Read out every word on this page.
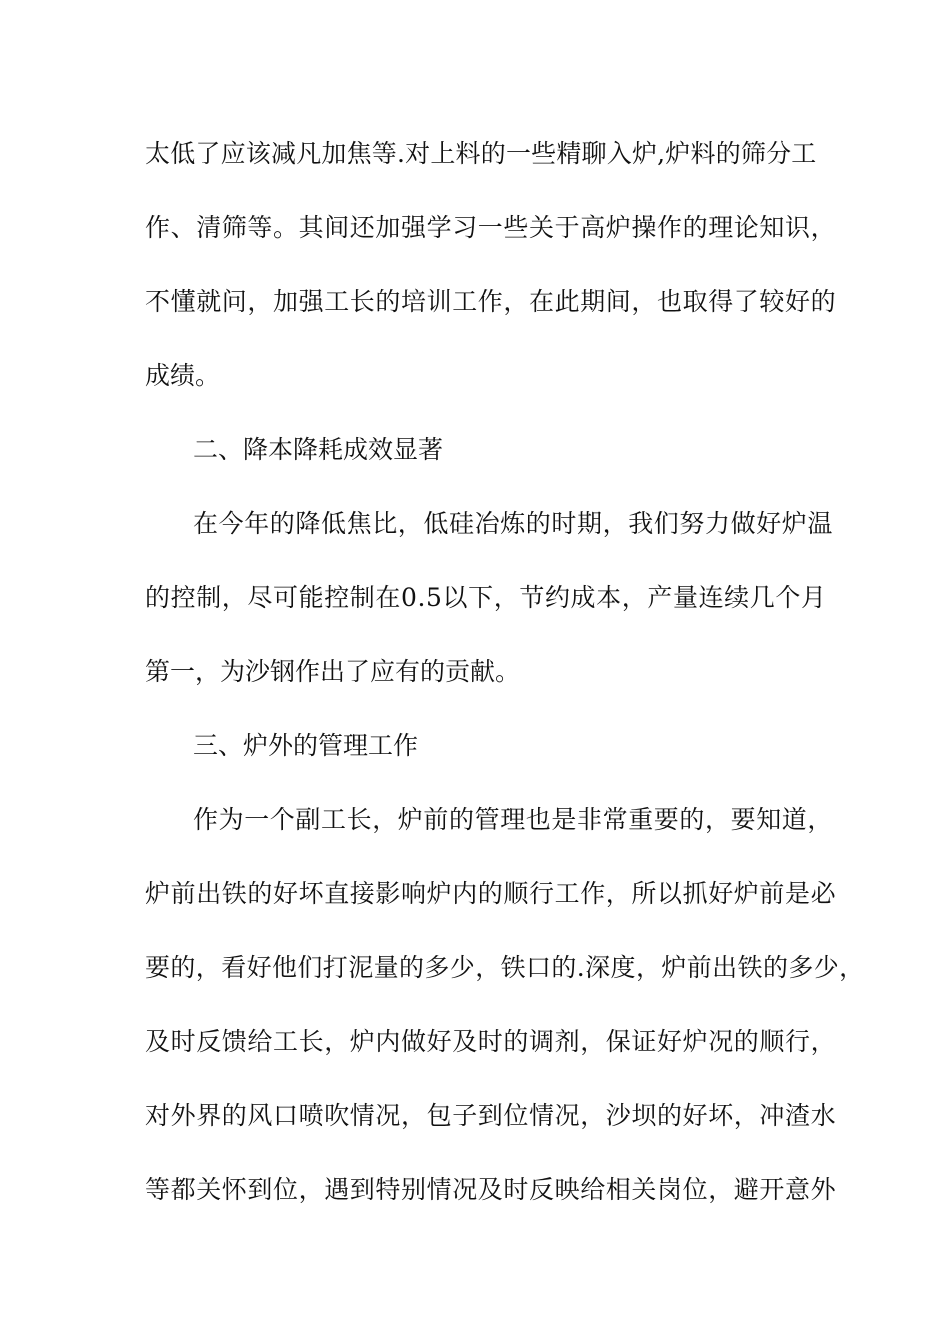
太低了应该减凡加焦等.对上料的一些精聊入炉,炉料的筛分工
作、清筛等。其间还加强学习一些关于高炉操作的理论知识，
不懂就问，加强工长的培训工作，在此期间，也取得了较好的
成绩。
二、降本降耗成效显著
在今年的降低焦比，低硅冶炼的时期，我们努力做好炉温
的控制，尽可能控制在0.5以下，节约成本，产量连续几个月
第一，为沙钢作出了应有的贡献。
三、炉外的管理工作
作为一个副工长，炉前的管理也是非常重要的，要知道，
炉前出铁的好坏直接影响炉内的顺行工作，所以抓好炉前是必
要的，看好他们打泥量的多少，铁口的.深度，炉前出铁的多少，
及时反馈给工长，炉内做好及时的调剂，保证好炉况的顺行，
对外界的风口喷吹情况，包子到位情况，沙坝的好坏，冲渣水
等都关怀到位，遇到特别情况及时反映给相关岗位，避开意外
